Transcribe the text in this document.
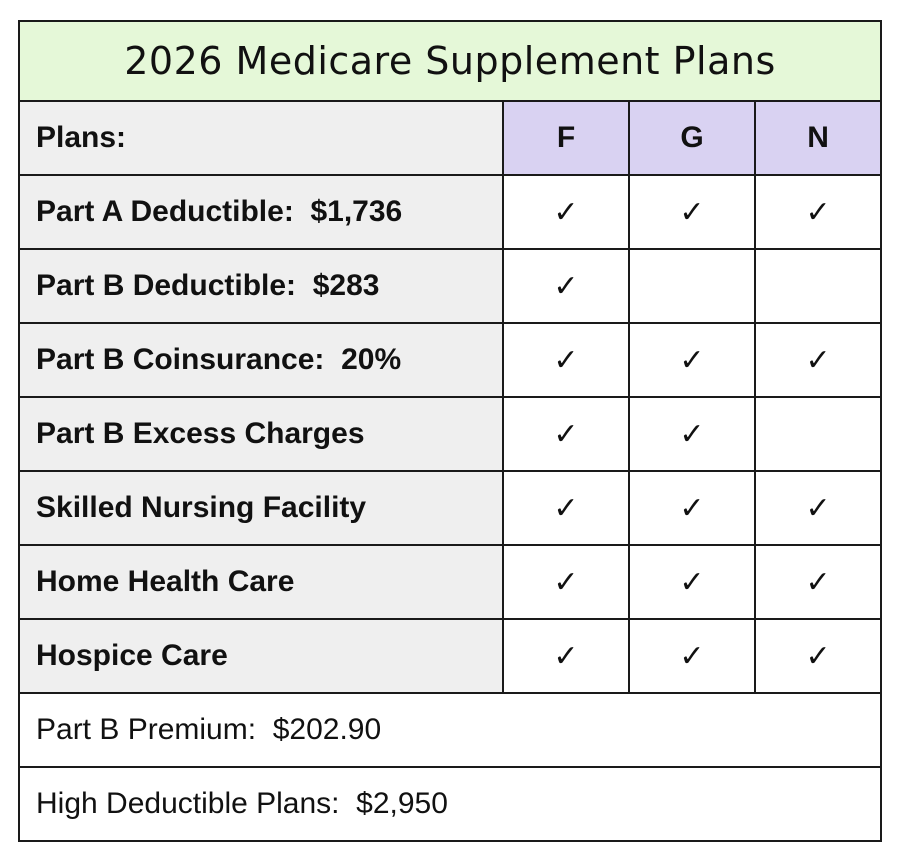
2026 Medicare Supplement Plans			
Plans:	F	G	N
Part A Deductible:  $1,736	✓	✓	✓
Part B Deductible:  $283	✓		
Part B Coinsurance:  20%	✓	✓	✓
Part B Excess Charges	✓	✓	
Skilled Nursing Facility	✓	✓	✓
Home Health Care	✓	✓	✓
Hospice Care	✓	✓	✓
Part B Premium:  $202.90			
High Deductible Plans:  $2,950			
